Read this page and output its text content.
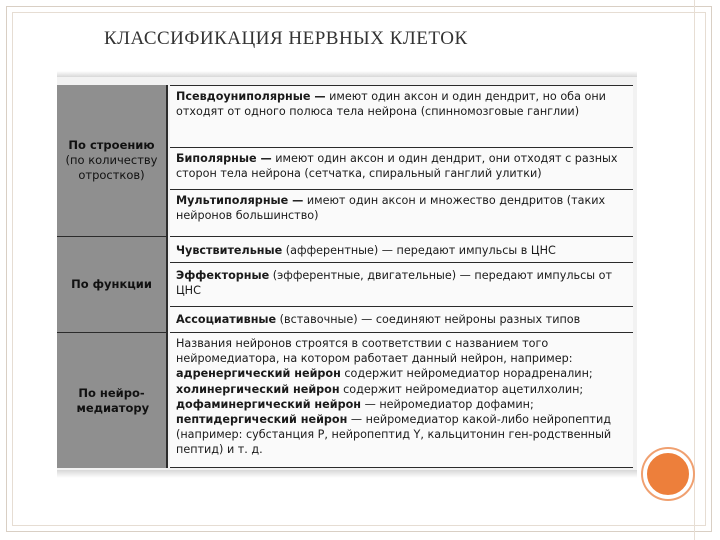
КЛАССИФИКАЦИЯ НЕРВНЫХ КЛЕТОК
По строению
(по количеству отростков)
По функции
По нейро-медиатору
Псевдоуниполярные — имеют один аксон и один дендрит, но оба они отходят от одного полюса тела нейрона (спинномозговые ганглии)
Биполярные — имеют один аксон и один дендрит, они отходят с разных сторон тела нейрона (сетчатка, спиральный ганглий улитки)
Мультиполярные — имеют один аксон и множество дендритов (таких нейронов большинство)
Чувствительные (афферентные) — передают импульсы в ЦНС
Эффекторные (эфферентные, двигательные) — передают импульсы от ЦНС
Ассоциативные (вставочные) — соединяют нейроны разных типов
Названия нейронов строятся в соответствии с названием того нейромедиатора, на котором работает данный нейрон, например:
адренергический нейрон содержит нейромедиатор норадреналин;
холинергический нейрон содержит нейромедиатор ацетилхолин;
дофаминергический нейрон — нейромедиатор дофамин;
пептидергический нейрон — нейромедиатор какой-либо нейропептид (например: субстанция Р, нейропептид Y, кальцитонин ген-родственный пептид) и т. д.
